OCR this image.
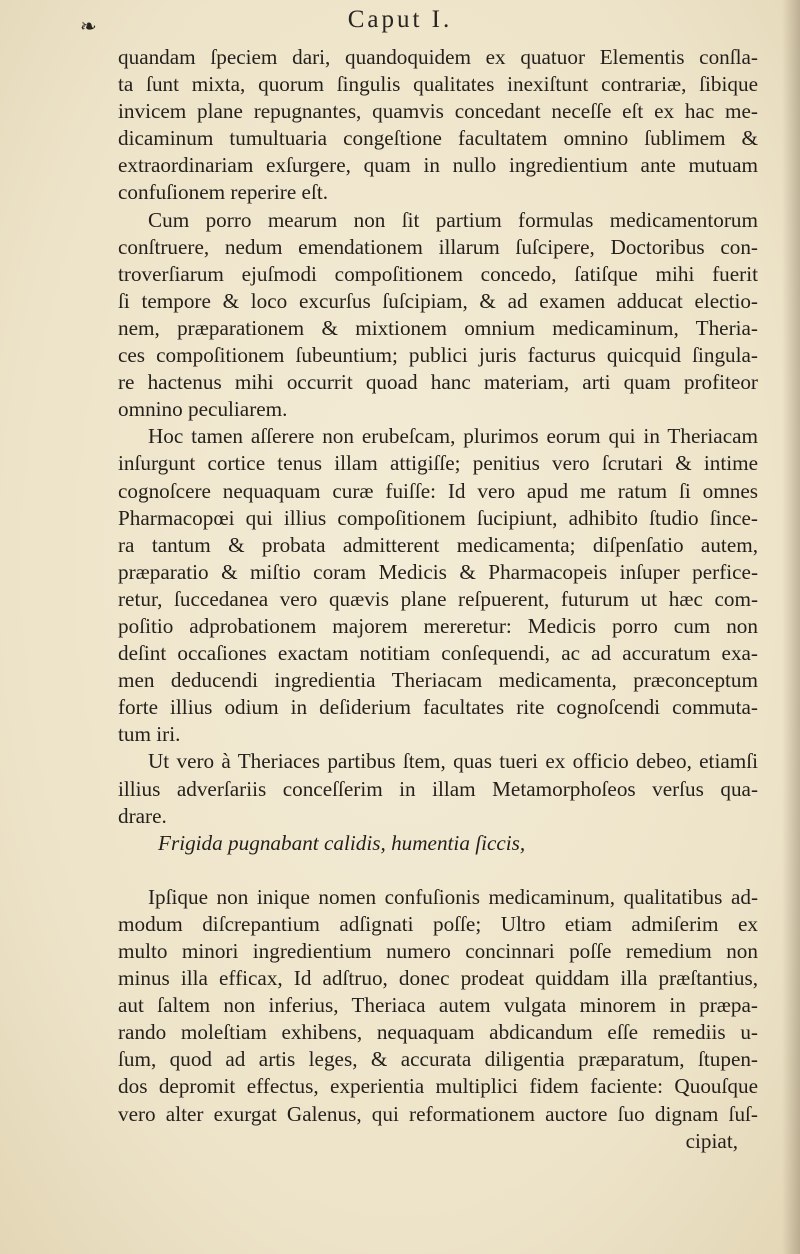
❧	Caput I.
quandam ſpeciem dari, quandoquidem ex quatuor Elementis conſla-
ta ſunt mixta, quorum ſingulis qualitates inexiſtunt contrariæ, ſibique
invicem plane repugnantes, quamvis concedant neceſſe eſt ex hac me-
dicaminum tumultuaria congeſtione facultatem omnino ſublimem &
extraordinariam exſurgere, quam in nullo ingredientium ante mutuam
confuſionem reperire eſt.
Cum porro mearum non ſit partium formulas medicamentorum
conſtruere, nedum emendationem illarum ſuſcipere, Doctoribus con-
troverſiarum ejuſmodi compoſitionem concedo, ſatiſque mihi fuerit
ſi tempore & loco excurſus ſuſcipiam, & ad examen adducat electio-
nem, præparationem & mixtionem omnium medicaminum, Theria-
ces compoſitionem ſubeuntium; publici juris facturus quicquid ſingula-
re hactenus mihi occurrit quoad hanc materiam, arti quam profiteor
omnino peculiarem.
Hoc tamen aſſerere non erubeſcam, plurimos eorum qui in Theriacam
inſurgunt cortice tenus illam attigiſſe; penitius vero ſcrutari & intime
cognoſcere nequaquam curæ fuiſſe: Id vero apud me ratum ſi omnes
Pharmacopœi qui illius compoſitionem ſucipiunt, adhibito ſtudio ſince-
ra tantum & probata admitterent medicamenta; diſpenſatio autem,
præparatio & miſtio coram Medicis & Pharmacopeis inſuper perfice-
retur, ſuccedanea vero quævis plane reſpuerent, futurum ut hæc com-
poſitio adprobationem majorem mereretur: Medicis porro cum non
deſint occaſiones exactam notitiam conſequendi, ac ad accuratum exa-
men deducendi ingredientia Theriacam medicamenta, præconceptum
forte illius odium in deſiderium facultates rite cognoſcendi commuta-
tum iri.
Ut vero à Theriaces partibus ſtem, quas tueri ex officio debeo, etiamſi
illius adverſariis conceſſerim in illam Metamorphoſeos verſus qua-
drare.
Frigida pugnabant calidis, humentia ſiccis,
Ipſique non inique nomen confuſionis medicaminum, qualitatibus ad-
modum diſcrepantium adſignati poſſe; Ultro etiam admiſerim ex
multo minori ingredientium numero concinnari poſſe remedium non
minus illa efficax, Id adſtruo, donec prodeat quiddam illa præſtantius,
aut ſaltem non inferius, Theriaca autem vulgata minorem in præpa-
rando moleſtiam exhibens, nequaquam abdicandum eſſe remediis u-
ſum, quod ad artis leges, & accurata diligentia præparatum, ſtupen-
dos depromit effectus, experientia multiplici fidem faciente: Quouſque
vero alter exurgat Galenus, qui reformationem auctore ſuo dignam ſuſ-
cipiat,
